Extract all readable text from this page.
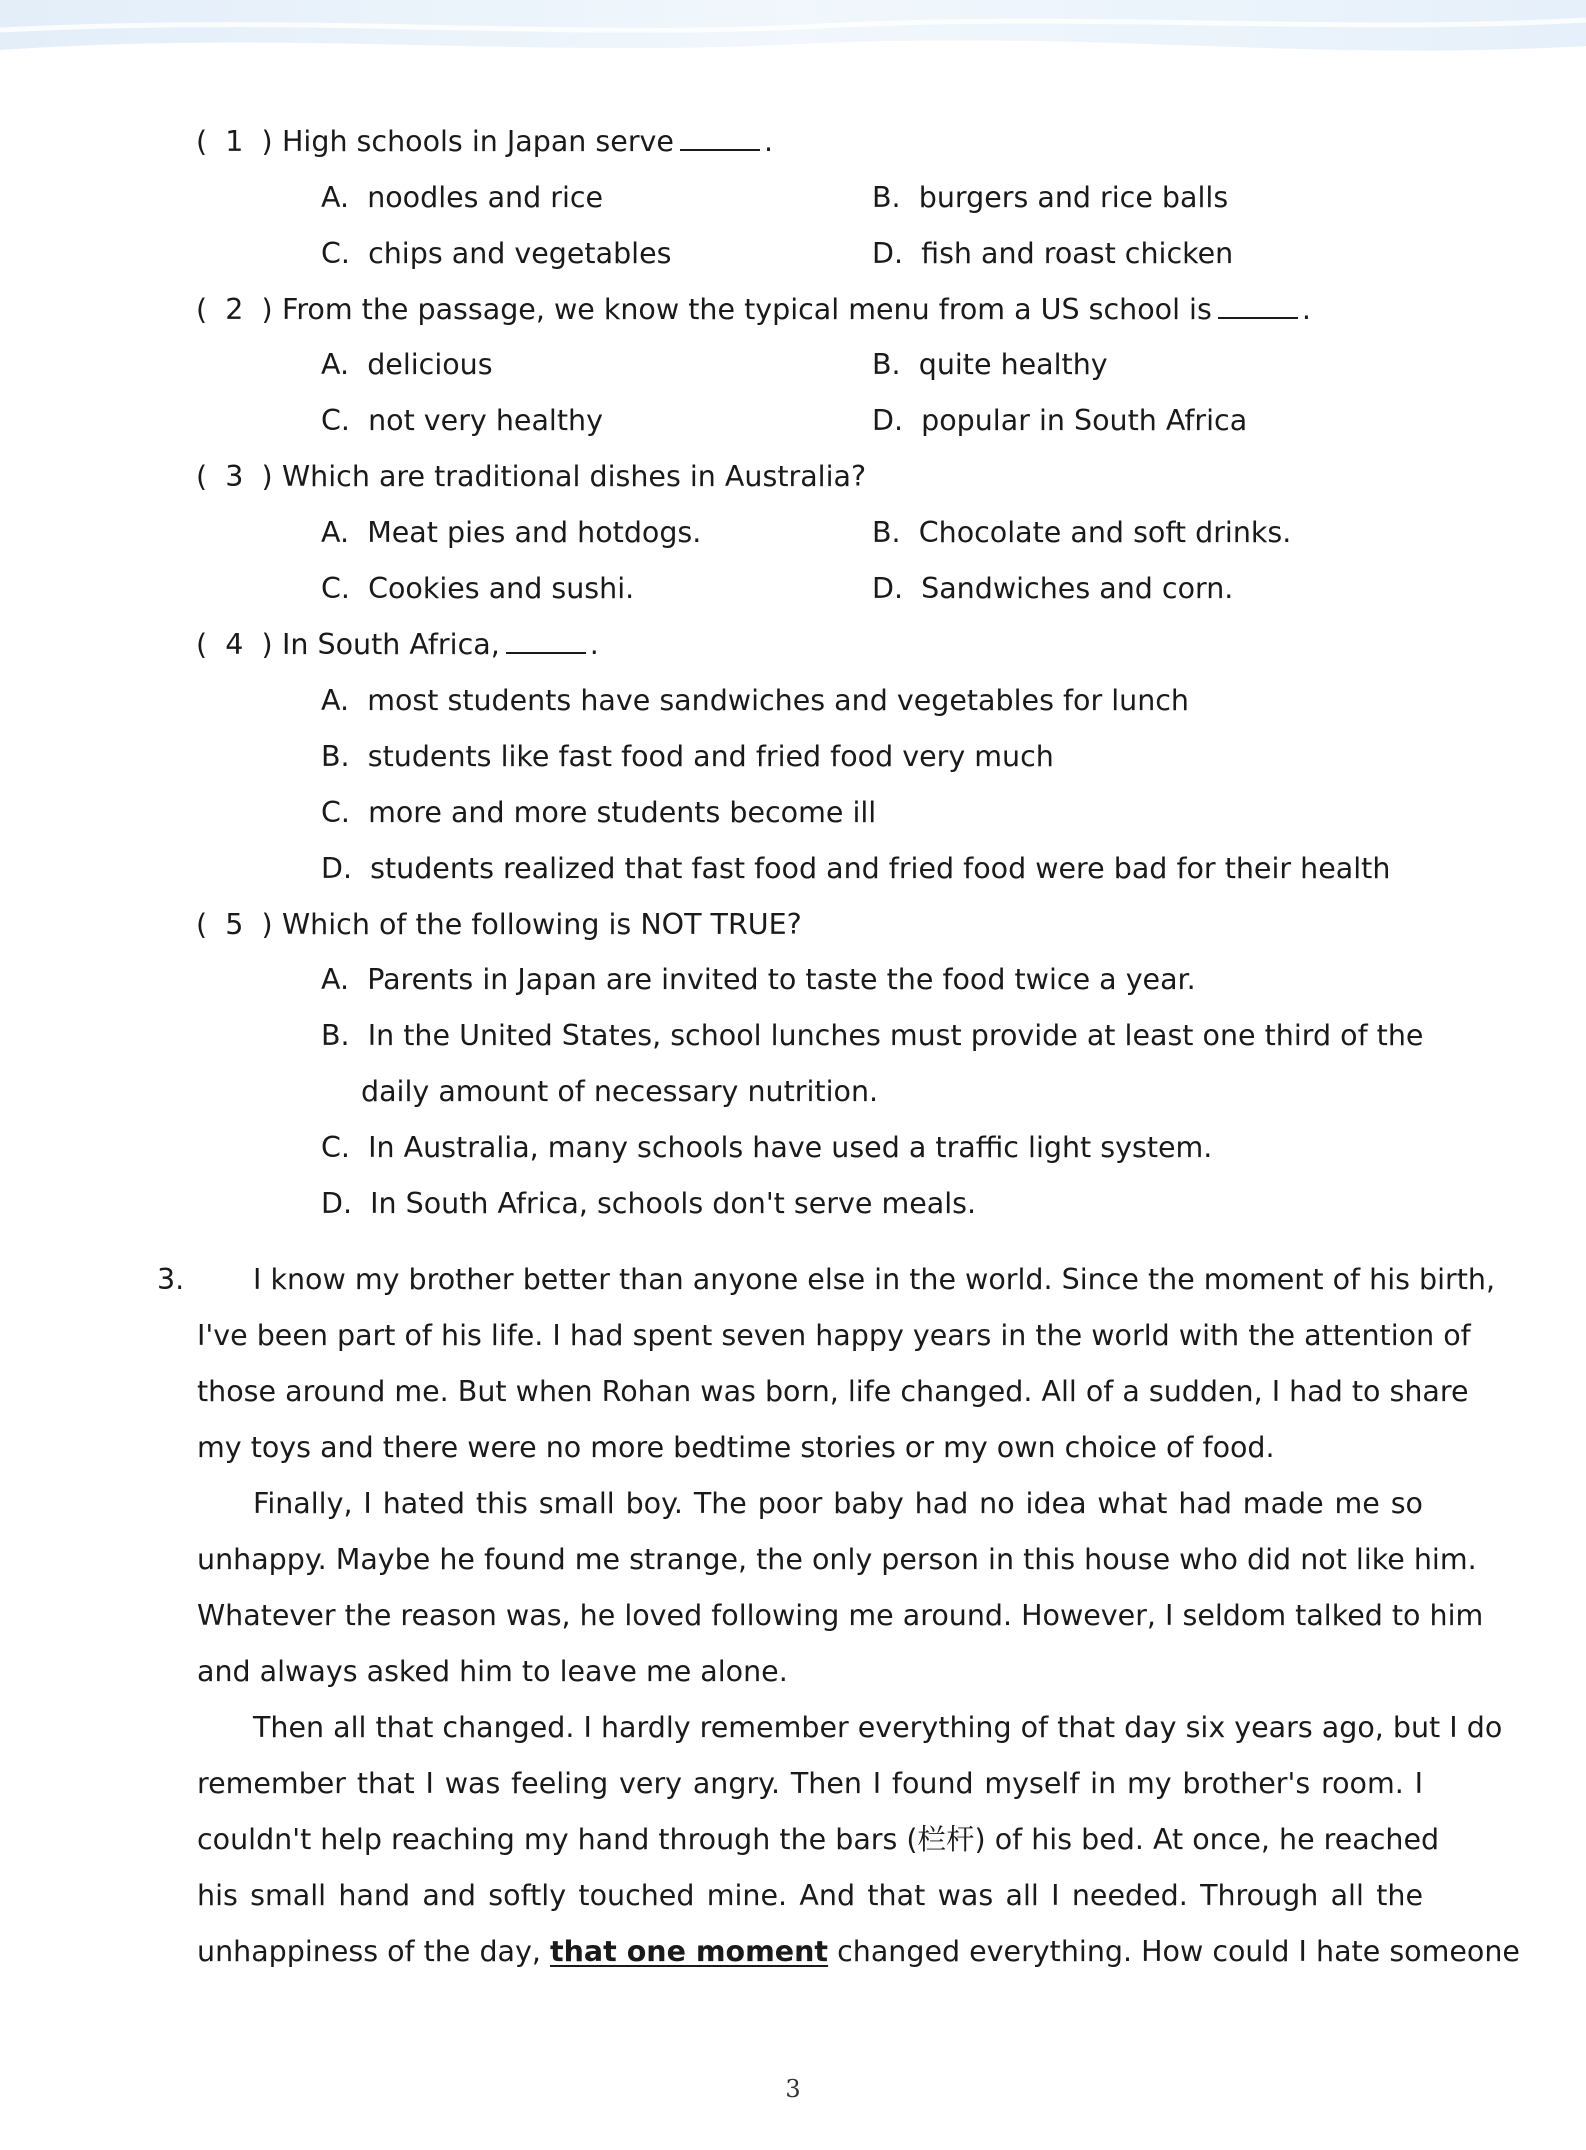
(  1  ) High schools in Japan serve	.
A.  noodles and rice	B.  burgers and rice balls
C.  chips and vegetables	D.  fish and roast chicken
(  2  ) From the passage, we know the typical menu from a US school is	.
A.  delicious	B.  quite healthy
C.  not very healthy	D.  popular in South Africa
(  3  ) Which are traditional dishes in Australia?
A.  Meat pies and hotdogs.	B.  Chocolate and soft drinks.
C.  Cookies and sushi.	D.  Sandwiches and corn.
(  4  ) In South Africa,	.
A.  most students have sandwiches and vegetables for lunch
B.  students like fast food and fried food very much
C.  more and more students become ill
D.  students realized that fast food and fried food were bad for their health
(  5  ) Which of the following is NOT TRUE?
A.  Parents in Japan are invited to taste the food twice a year.
B.  In the United States, school lunches must provide at least one third of the
daily amount of necessary nutrition.
C.  In Australia, many schools have used a traffic light system.
D.  In South Africa, schools don't serve meals.
3. I know my brother better than anyone else in the world. Since the moment of his birth,
I've been part of his life. I had spent seven happy years in the world with the attention of
those around me. But when Rohan was born, life changed. All of a sudden, I had to share
my toys and there were no more bedtime stories or my own choice of food.
Finally, I hated this small boy. The poor baby had no idea what had made me so
unhappy. Maybe he found me strange, the only person in this house who did not like him.
Whatever the reason was, he loved following me around. However, I seldom talked to him
and always asked him to leave me alone.
Then all that changed. I hardly remember everything of that day six years ago, but I do
remember that I was feeling very angry. Then I found myself in my brother's room. I
couldn't help reaching my hand through the bars (栏杆) of his bed. At once, he reached
his small hand and softly touched mine. And that was all I needed. Through all the
unhappiness of the day, that one moment changed everything. How could I hate someone
3
